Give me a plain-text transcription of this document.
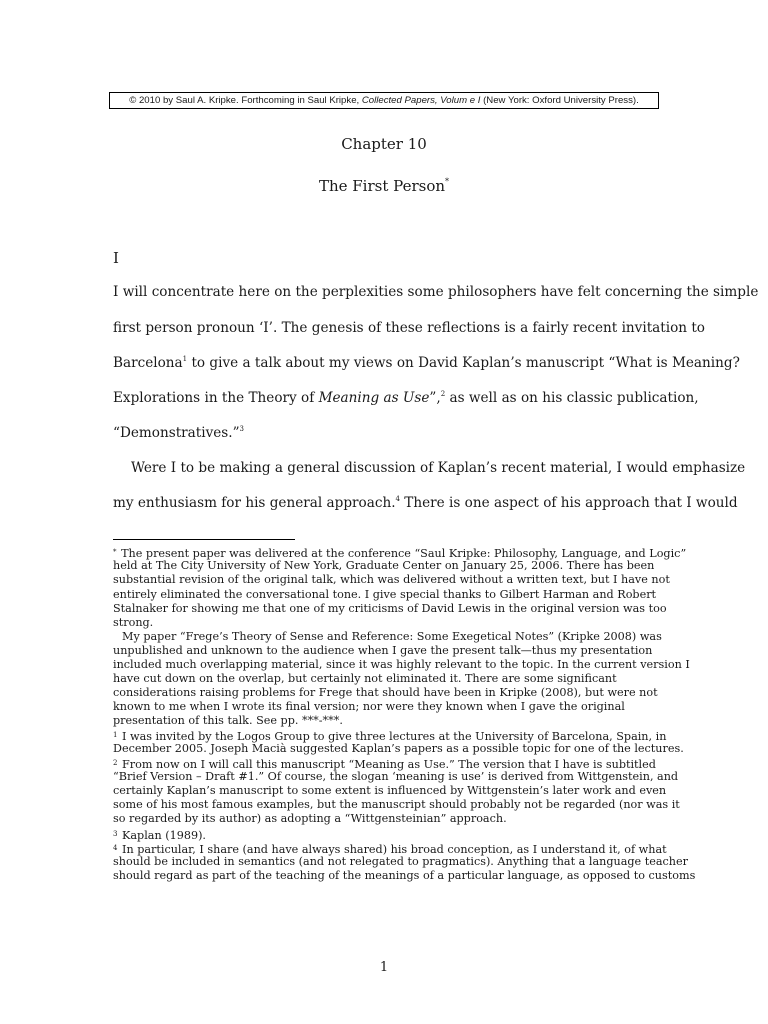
© 2010 by Saul A. Kripke. Forthcoming in Saul Kripke, Collected Papers, Volum e I (New York: Oxford University Press).
Chapter 10
The First Person*
I
I will concentrate here on the perplexities some philosophers have felt concerning the simple
first person pronoun ‘I’. The genesis of these reflections is a fairly recent invitation to
Barcelona$^1$ to give a talk about my views on David Kaplan’s manuscript “What is Meaning?
Explorations in the Theory of Meaning as Use”,$^2$ as well as on his classic publication,
“Demonstratives.”$^3$
Were I to be making a general discussion of Kaplan’s recent material, I would emphasize
my enthusiasm for his general approach.$^4$ There is one aspect of his approach that I would
* The present paper was delivered at the conference “Saul Kripke: Philosophy, Language, and Logic”
held at The City University of New York, Graduate Center on January 25, 2006. There has been
substantial revision of the original talk, which was delivered without a written text, but I have not
entirely eliminated the conversational tone. I give special thanks to Gilbert Harman and Robert
Stalnaker for showing me that one of my criticisms of David Lewis in the original version was too
strong.
My paper “Frege’s Theory of Sense and Reference: Some Exegetical Notes” (Kripke 2008) was
unpublished and unknown to the audience when I gave the present talk—thus my presentation
included much overlapping material, since it was highly relevant to the topic. In the current version I
have cut down on the overlap, but certainly not eliminated it. There are some significant
considerations raising problems for Frege that should have been in Kripke (2008), but were not
known to me when I wrote its final version; nor were they known when I gave the original
presentation of this talk. See pp. ***-***.
$^1$ I was invited by the Logos Group to give three lectures at the University of Barcelona, Spain, in
December 2005. Joseph Macià suggested Kaplan’s papers as a possible topic for one of the lectures.
$^2$ From now on I will call this manuscript “Meaning as Use.” The version that I have is subtitled
“Brief Version – Draft #1.” Of course, the slogan ‘meaning is use’ is derived from Wittgenstein, and
certainly Kaplan’s manuscript to some extent is influenced by Wittgenstein’s later work and even
some of his most famous examples, but the manuscript should probably not be regarded (nor was it
so regarded by its author) as adopting a “Wittgensteinian” approach.
$^3$ Kaplan (1989).
$^4$ In particular, I share (and have always shared) his broad conception, as I understand it, of what
should be included in semantics (and not relegated to pragmatics). Anything that a language teacher
should regard as part of the teaching of the meanings of a particular language, as opposed to customs
1
